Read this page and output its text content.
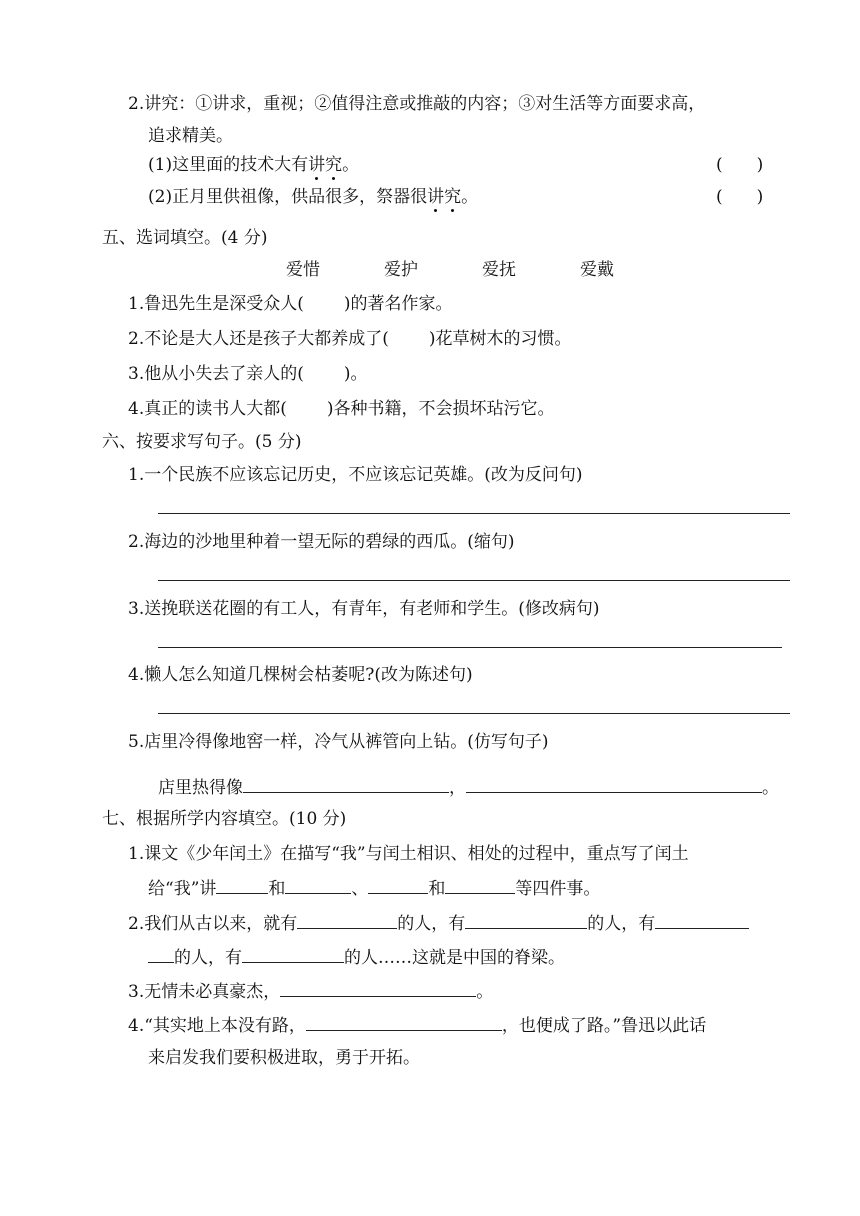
2.讲究：①讲求，重视；②值得注意或推敲的内容；③对生活等方面要求高，
追求精美。
(1)这里面的技术大有讲究。	(　　)
(2)正月里供祖像，供品很多，祭器很讲究。	(　　)
五、选词填空。(4 分)
爱惜	爱护	爱抚	爱戴
1.鲁迅先生是深受众人( )的著名作家。
2.不论是大人还是孩子大都养成了( )花草树木的习惯。
3.他从小失去了亲人的( )。
4.真正的读书人大都( )各种书籍，不会损坏玷污它。
六、按要求写句子。(5 分)
1.一个民族不应该忘记历史，不应该忘记英雄。(改为反问句)
2.海边的沙地里种着一望无际的碧绿的西瓜。(缩句)
3.送挽联送花圈的有工人，有青年，有老师和学生。(修改病句)
4.懒人怎么知道几棵树会枯萎呢?(改为陈述句)
5.店里冷得像地窖一样，冷气从裤管向上钻。(仿写句子)
店里热得像	，	。
七、根据所学内容填空。(10 分)
1.课文《少年闰土》在描写“我”与闰土相识、相处的过程中，重点写了闰土
给“我”讲	和	、	和	等四件事。
2.我们从古以来，就有	的人，有	的人，有
的人，有	的人……这就是中国的脊梁。
3.无情未必真豪杰，	。
4.“其实地上本没有路，	，也便成了路。”鲁迅以此话
来启发我们要积极进取，勇于开拓。
